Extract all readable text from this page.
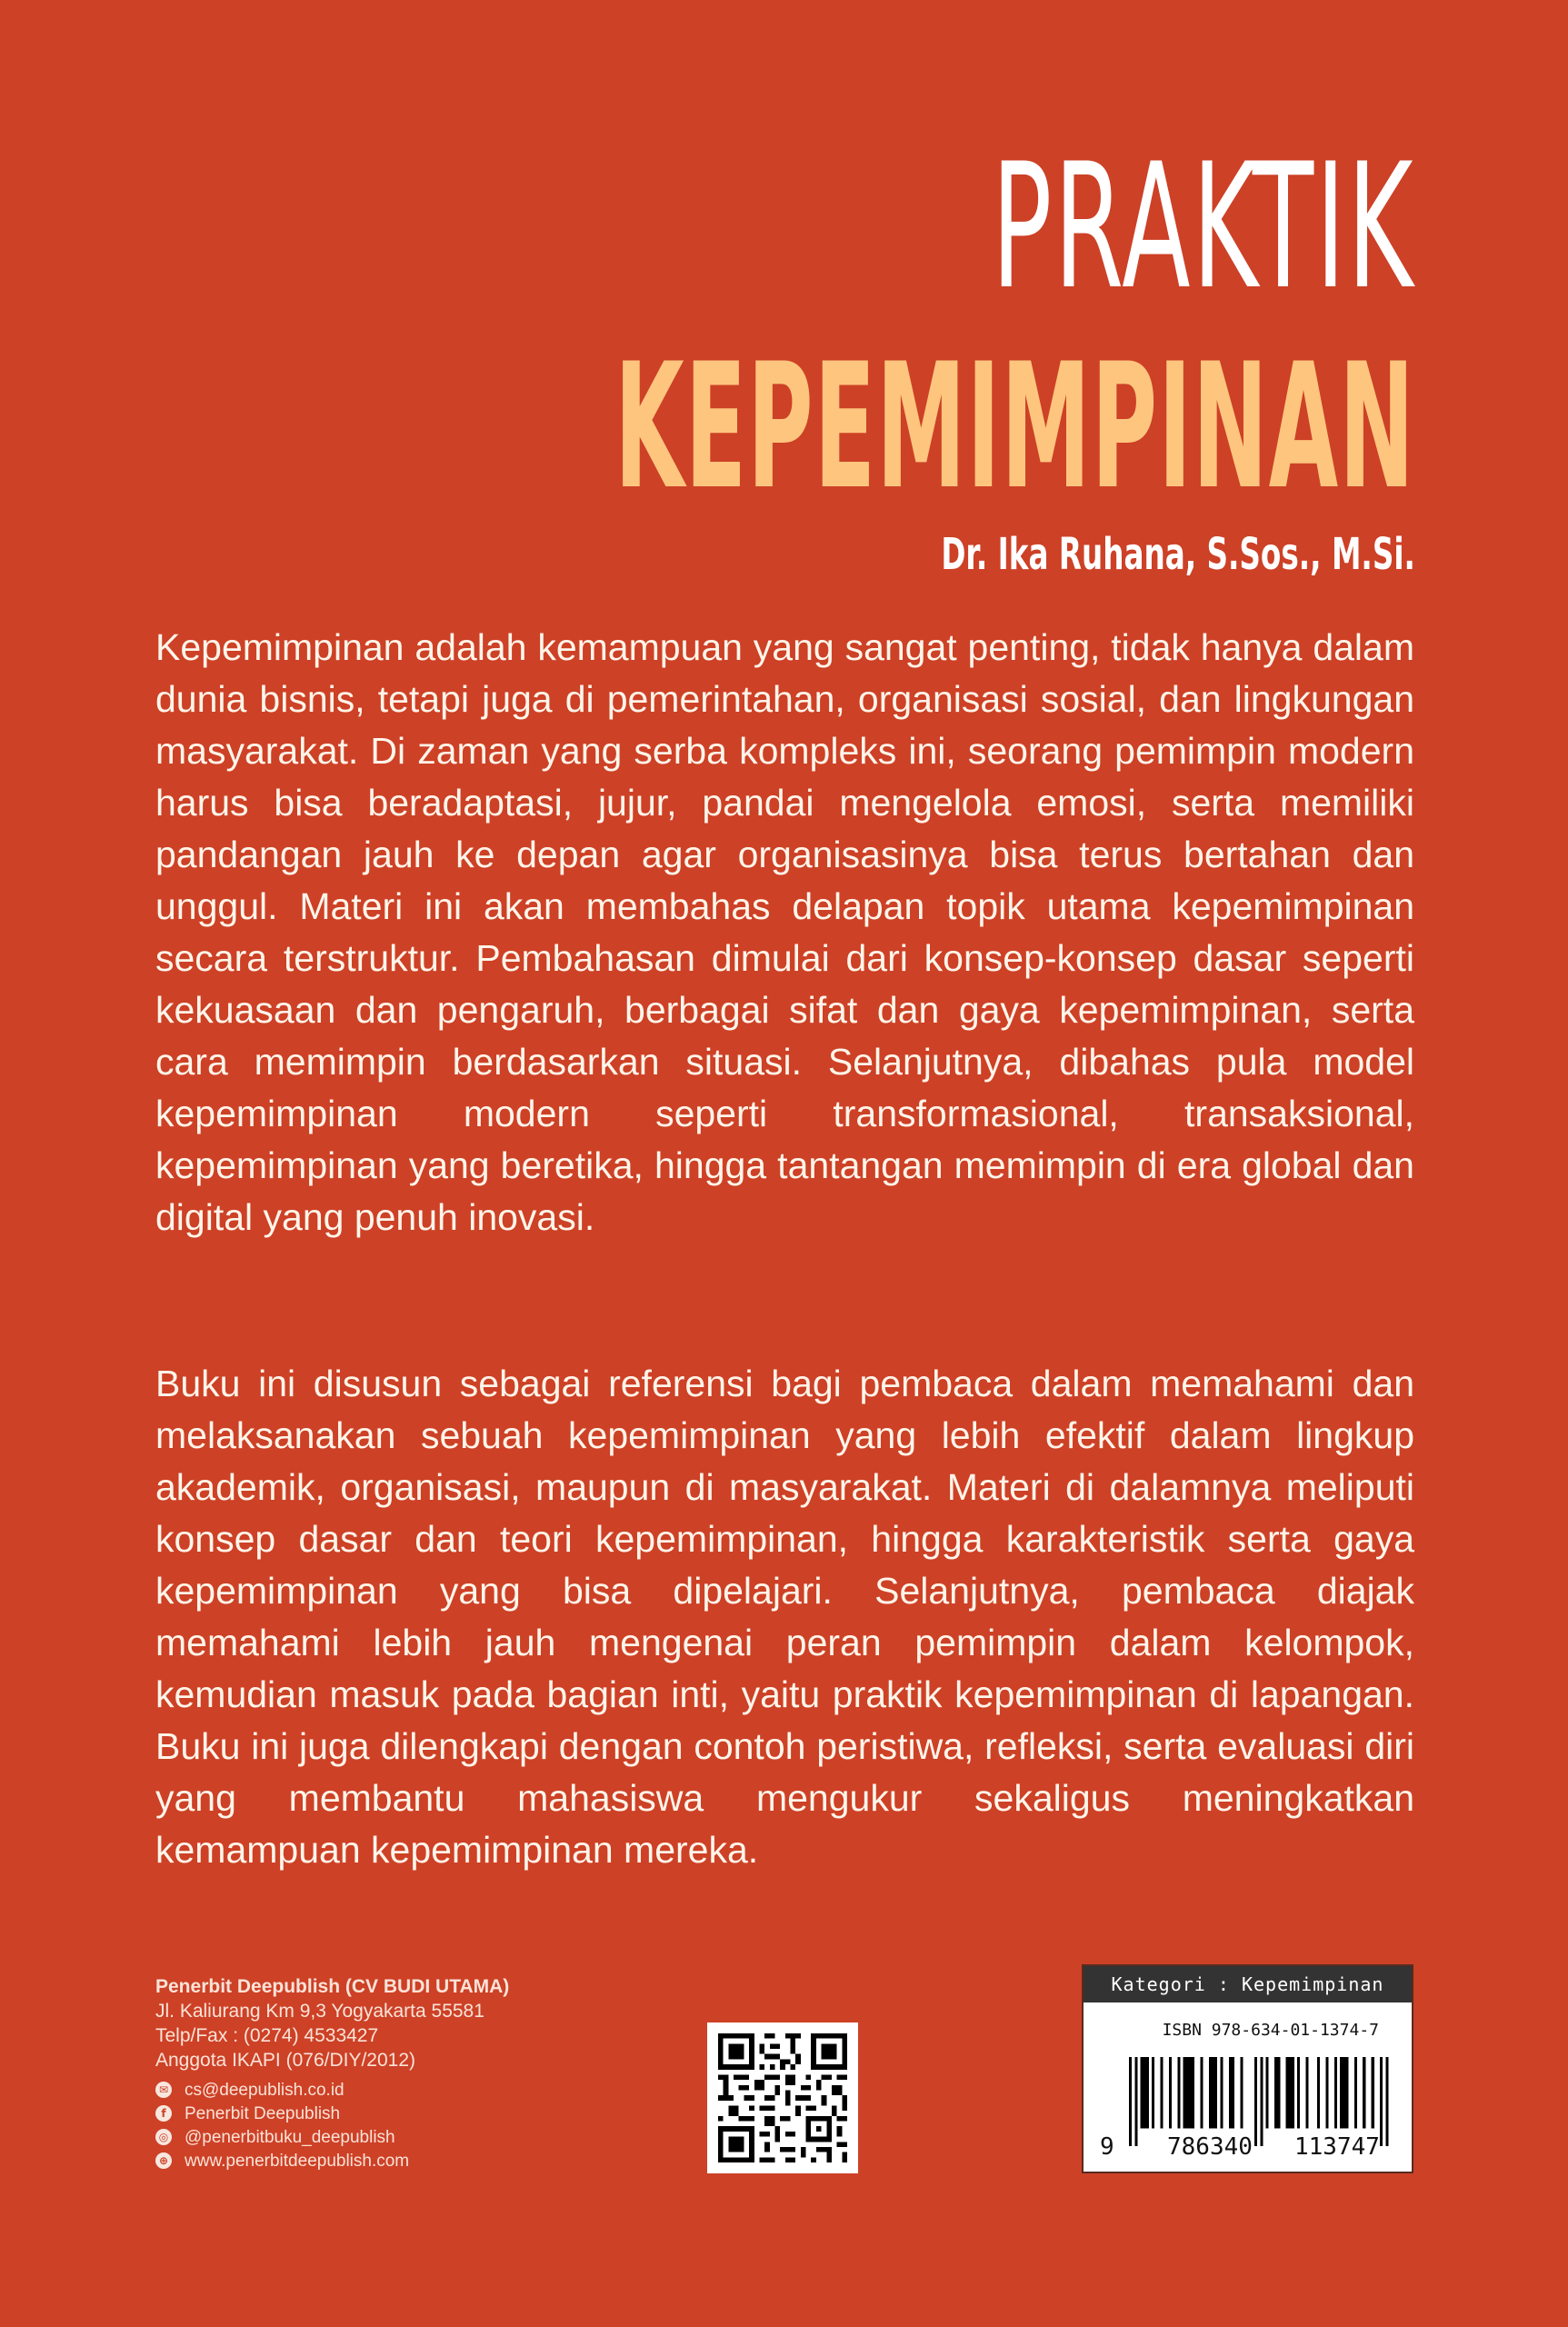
PRAKTIK
KEPEMIMPINAN
Dr. Ika Ruhana, S.Sos., M.Si.

Kepemimpinan adalah kemampuan yang sangat penting, tidak hanya dalam dunia bisnis, tetapi juga di pemerintahan, organisasi sosial, dan lingkungan masyarakat. Di zaman yang serba kompleks ini, seorang pemimpin modern harus bisa beradaptasi, jujur, pandai mengelola emosi, serta memiliki pandangan jauh ke depan agar organisasinya bisa terus bertahan dan unggul. Materi ini akan membahas delapan topik utama kepemimpinan secara terstruktur. Pembahasan dimulai dari konsep-konsep dasar seperti kekuasaan dan pengaruh, berbagai sifat dan gaya kepemimpinan, serta cara memimpin berdasarkan situasi. Selanjutnya, dibahas pula model kepemimpinan modern seperti transformasional, transaksional, kepemimpinan yang beretika, hingga tantangan memimpin di era global dan digital yang penuh inovasi.

Buku ini disusun sebagai referensi bagi pembaca dalam memahami dan melaksanakan sebuah kepemimpinan yang lebih efektif dalam lingkup akademik, organisasi, maupun di masyarakat. Materi di dalamnya meliputi konsep dasar dan teori kepemimpinan, hingga karakteristik serta gaya kepemimpinan yang bisa dipelajari. Selanjutnya, pembaca diajak memahami lebih jauh mengenai peran pemimpin dalam kelompok, kemudian masuk pada bagian inti, yaitu praktik kepemimpinan di lapangan. Buku ini juga dilengkapi dengan contoh peristiwa, refleksi, serta evaluasi diri yang membantu mahasiswa mengukur sekaligus meningkatkan kemampuan kepemimpinan mereka.

Penerbit Deepublish (CV BUDI UTAMA)
Jl. Kaliurang Km 9,3 Yogyakarta 55581
Telp/Fax : (0274) 4533427
Anggota IKAPI (076/DIY/2012)
✉ cs@deepublish.co.id
f	Penerbit Deepublish
◎ @penerbitbuku_deepublish
⊕ www.penerbitdeepublish.com
Kategori : Kepemimpinan
ISBN 978-634-01-1374-7
9 786340 113747
